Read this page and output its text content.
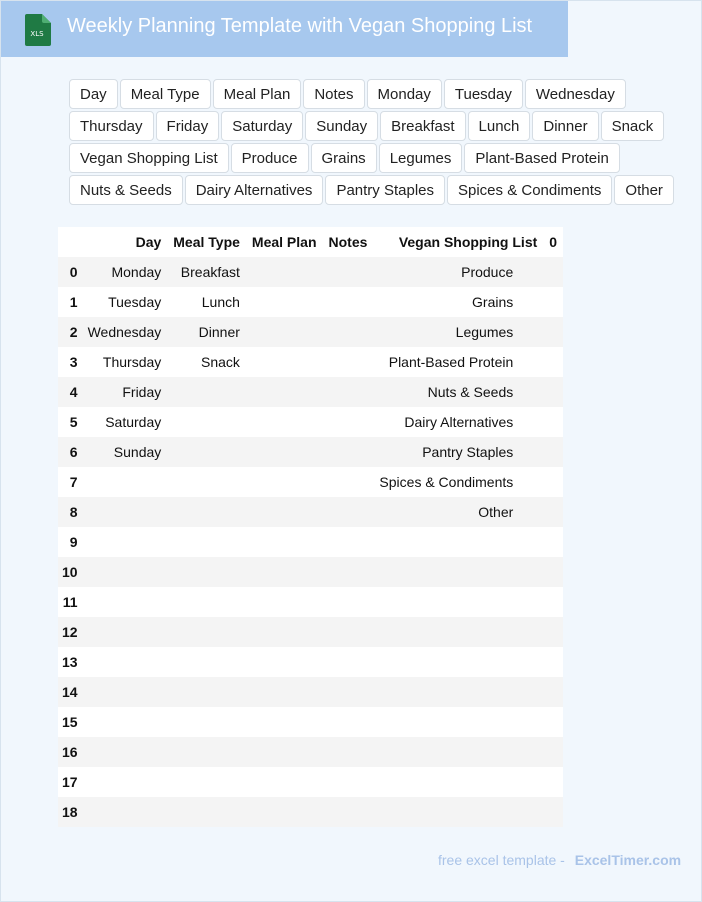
XLS Weekly Planning Template with Vegan Shopping List
Day	Meal Type	Meal Plan	Notes	Monday	Tuesday	Wednesday
Thursday	Friday	Saturday	Sunday	Breakfast	Lunch	Dinner	Snack
Vegan Shopping List	Produce	Grains	Legumes	Plant-Based Protein
Nuts & Seeds	Dairy Alternatives	Pantry Staples	Spices & Condiments	Other
	Day	Meal Type	Meal Plan	Notes	Vegan Shopping List	0
0	Monday	Breakfast			Produce	
1	Tuesday	Lunch			Grains	
2	Wednesday	Dinner			Legumes	
3	Thursday	Snack			Plant-Based Protein	
4	Friday				Nuts & Seeds	
5	Saturday				Dairy Alternatives	
6	Sunday				Pantry Staples	
7					Spices & Condiments	
8					Other	
9						
10						
11						
12						
13						
14						
15						
16						
17						
18						
free excel template - ExcelTimer.com
